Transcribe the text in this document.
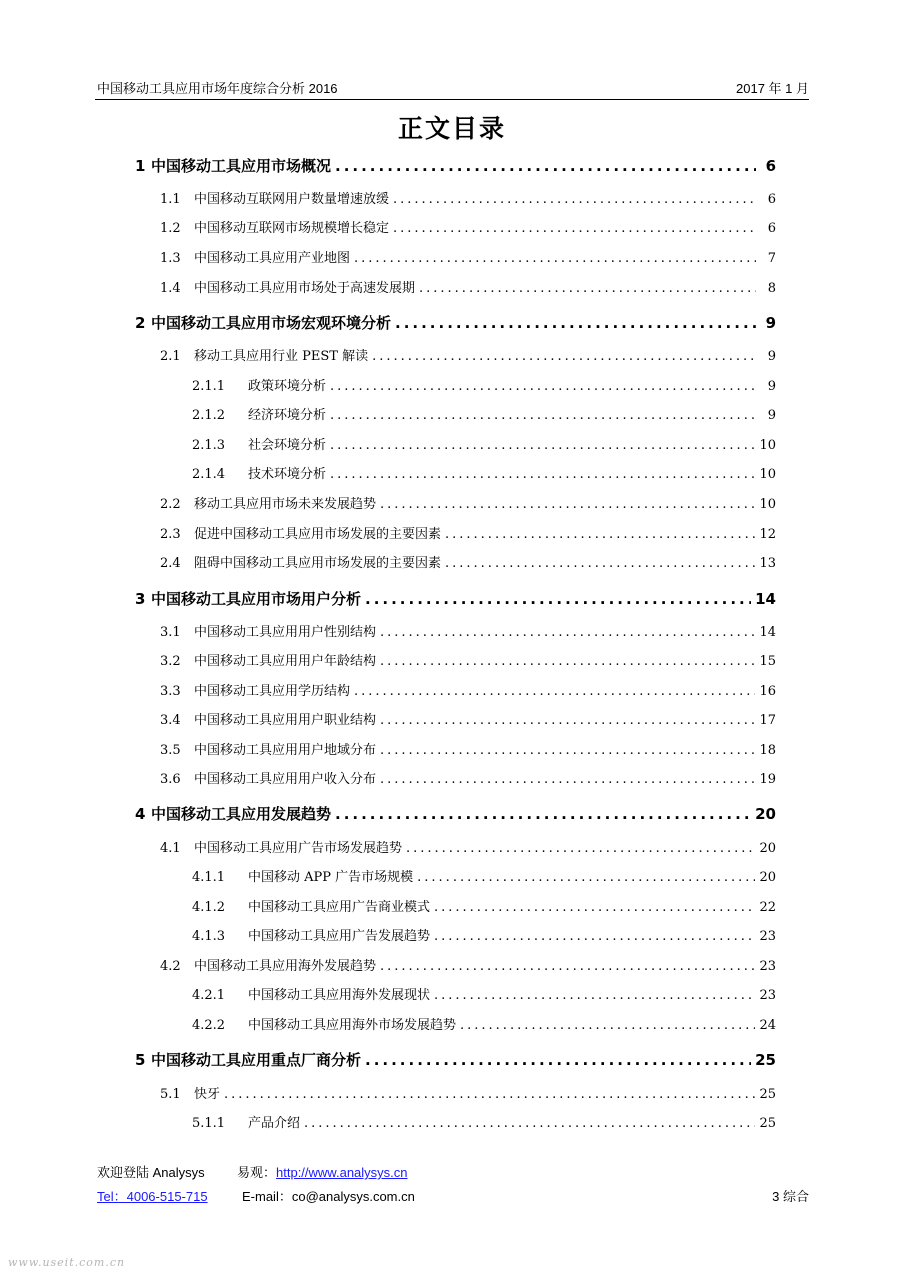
中国移动工具应用市场年度综合分析 2016	2017 年 1 月
正文目录
1 中国移动工具应用市场概况 .....	6
1.1	中国移动互联网用户数量增速放缓 .....	6
1.2	中国移动互联网市场规模增长稳定 .....	6
1.3	中国移动工具应用产业地图 .....	7
1.4	中国移动工具应用市场处于高速发展期 .....	8
2 中国移动工具应用市场宏观环境分析 .....	9
2.1	移动工具应用行业 PEST 解读 .....	9
2.1.1	政策环境分析 .....	9
2.1.2	经济环境分析 .....	9
2.1.3	社会环境分析 .....	10
2.1.4	技术环境分析 .....	10
2.2	移动工具应用市场未来发展趋势 .....	10
2.3	促进中国移动工具应用市场发展的主要因素 .....	12
2.4	阻碍中国移动工具应用市场发展的主要因素 .....	13
3 中国移动工具应用市场用户分析 .....	14
3.1	中国移动工具应用用户性别结构 .....	14
3.2	中国移动工具应用用户年龄结构 .....	15
3.3	中国移动工具应用学历结构 .....	16
3.4	中国移动工具应用用户职业结构 .....	17
3.5	中国移动工具应用用户地域分布 .....	18
3.6	中国移动工具应用用户收入分布 .....	19
4 中国移动工具应用发展趋势 .....	20
4.1	中国移动工具应用广告市场发展趋势 .....	20
4.1.1	中国移动 APP 广告市场规模 .....	20
4.1.2	中国移动工具应用广告商业模式 .....	22
4.1.3	中国移动工具应用广告发展趋势 .....	23
4.2	中国移动工具应用海外发展趋势 .....	23
4.2.1	中国移动工具应用海外发展现状 .....	23
4.2.2	中国移动工具应用海外市场发展趋势 .....	24
5 中国移动工具应用重点厂商分析 .....	25
5.1	快牙 .....	25
5.1.1	产品介绍 .....	25
欢迎登陆 Analysys 易观：http://www.analysys.cn
Tel：4006-515-715	E-mail：co@analysys.com.cn	3 综合
www.useit.com.cn
